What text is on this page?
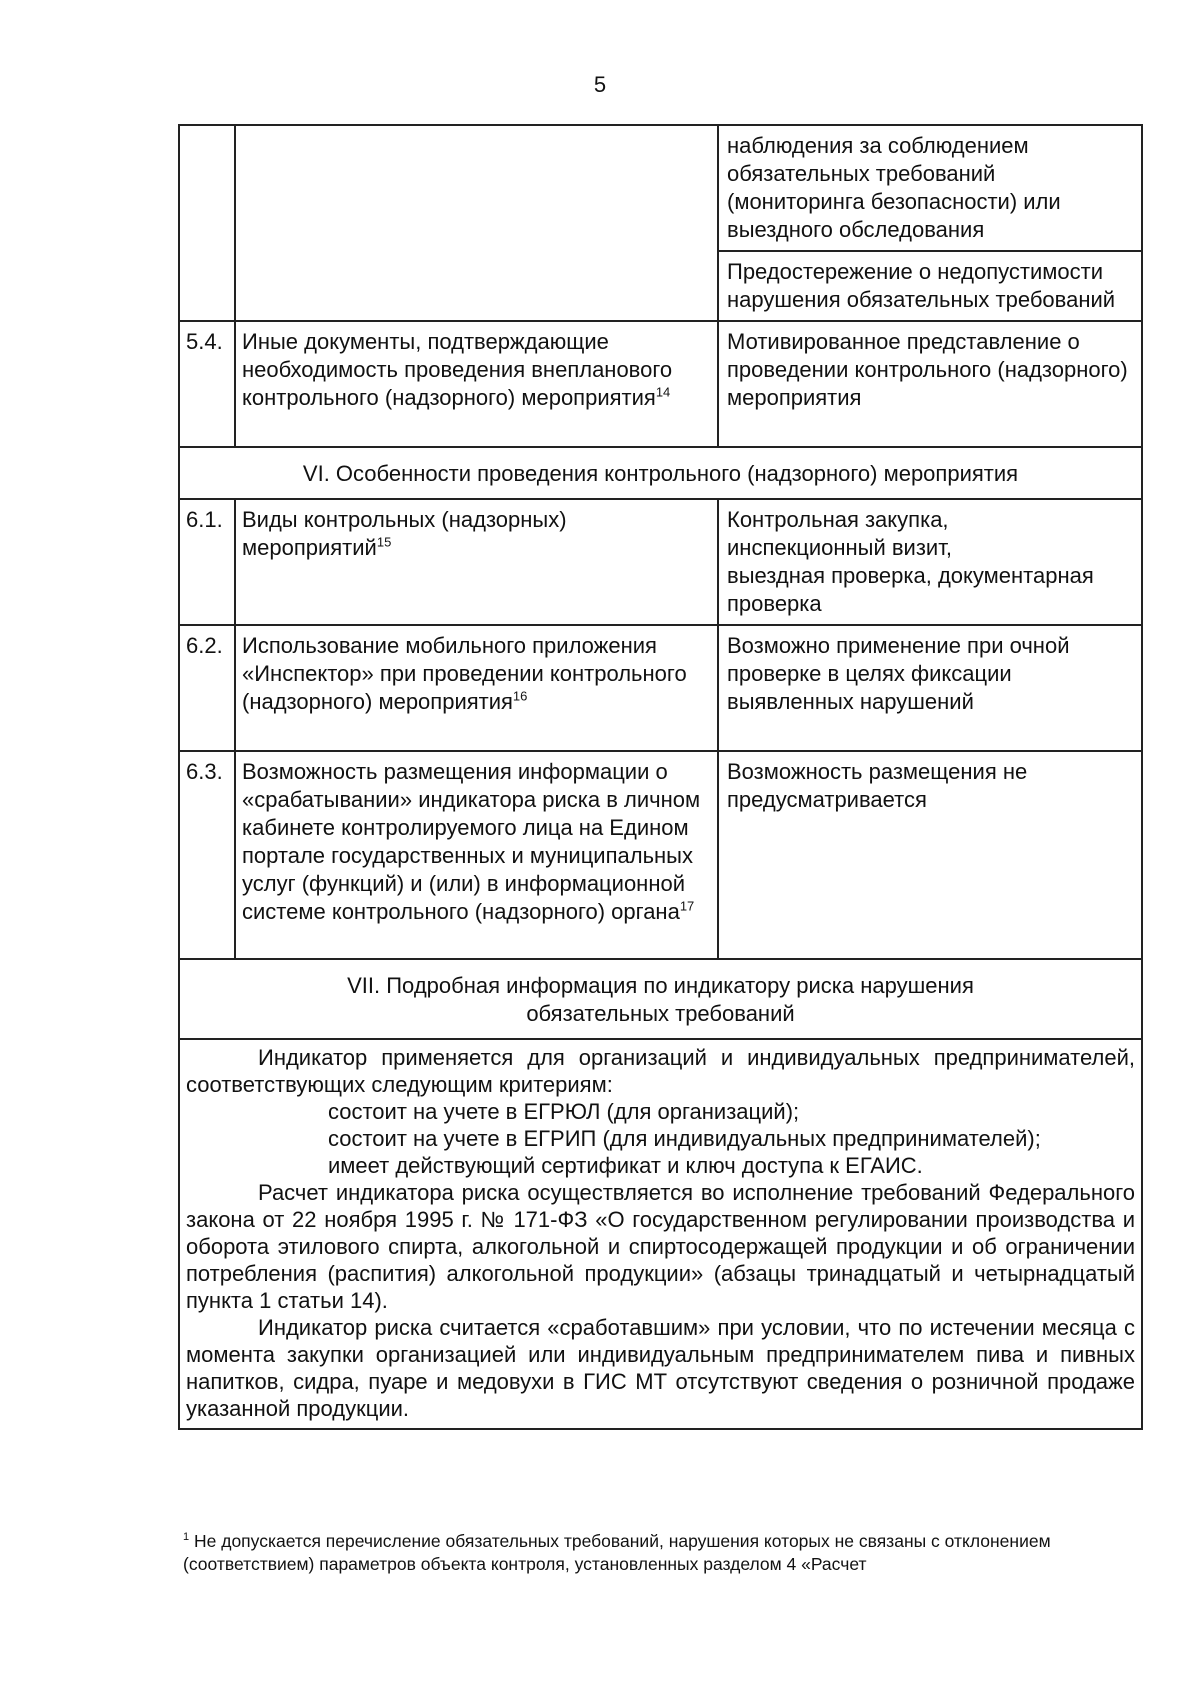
5
наблюдения за соблюдением обязательных требований (мониторинга безопасности) или выездного обследования
Предостережение о недопустимости нарушения обязательных требований
5.4. Иные документы, подтверждающие необходимость проведения внепланового контрольного (надзорного) мероприятия$^{14}$
Мотивированное представление о проведении контрольного (надзорного) мероприятия
VI. Особенности проведения контрольного (надзорного) мероприятия
6.1. Виды контрольных (надзорных) мероприятий$^{15}$
Контрольная закупка,
инспекционный визит,
выездная проверка, документарная проверка
6.2. Использование мобильного приложения «Инспектор» при проведении контрольного (надзорного) мероприятия$^{16}$
Возможно применение при очной проверке в целях фиксации выявленных нарушений
6.3. Возможность размещения информации о «срабатывании» индикатора риска в личном кабинете контролируемого лица на Едином портале государственных и муниципальных услуг (функций) и (или) в информационной системе контрольного (надзорного) органа$^{17}$
Возможность размещения не предусматривается
VII. Подробная информация по индикатору риска нарушения обязательных требований

Индикатор применяется для организаций и индивидуальных предпринимателей, соответствующих следующим критериям:

состоит на учете в ЕГРЮЛ (для организаций);

состоит на учете в ЕГРИП (для индивидуальных предпринимателей);

имеет действующий сертификат и ключ доступа к ЕГАИС.

Расчет индикатора риска осуществляется во исполнение требований Федерального закона от 22 ноября 1995 г. № 171-ФЗ «О государственном регулировании производства и оборота этилового спирта, алкогольной и спиртосодержащей продукции и об ограничении потребления (распития) алкогольной продукции» (абзацы тринадцатый и четырнадцатый пункта 1 статьи 14).

Индикатор риска считается «сработавшим» при условии, что по истечении месяца с момента закупки организацией или индивидуальным предпринимателем пива и пивных напитков, сидра, пуаре и медовухи в ГИС МТ отсутствуют сведения о розничной продаже указанной продукции.

$^1$ Не допускается перечисление обязательных требований, нарушения которых не связаны с отклонением (соответствием) параметров объекта контроля, установленных разделом 4 «Расчет
